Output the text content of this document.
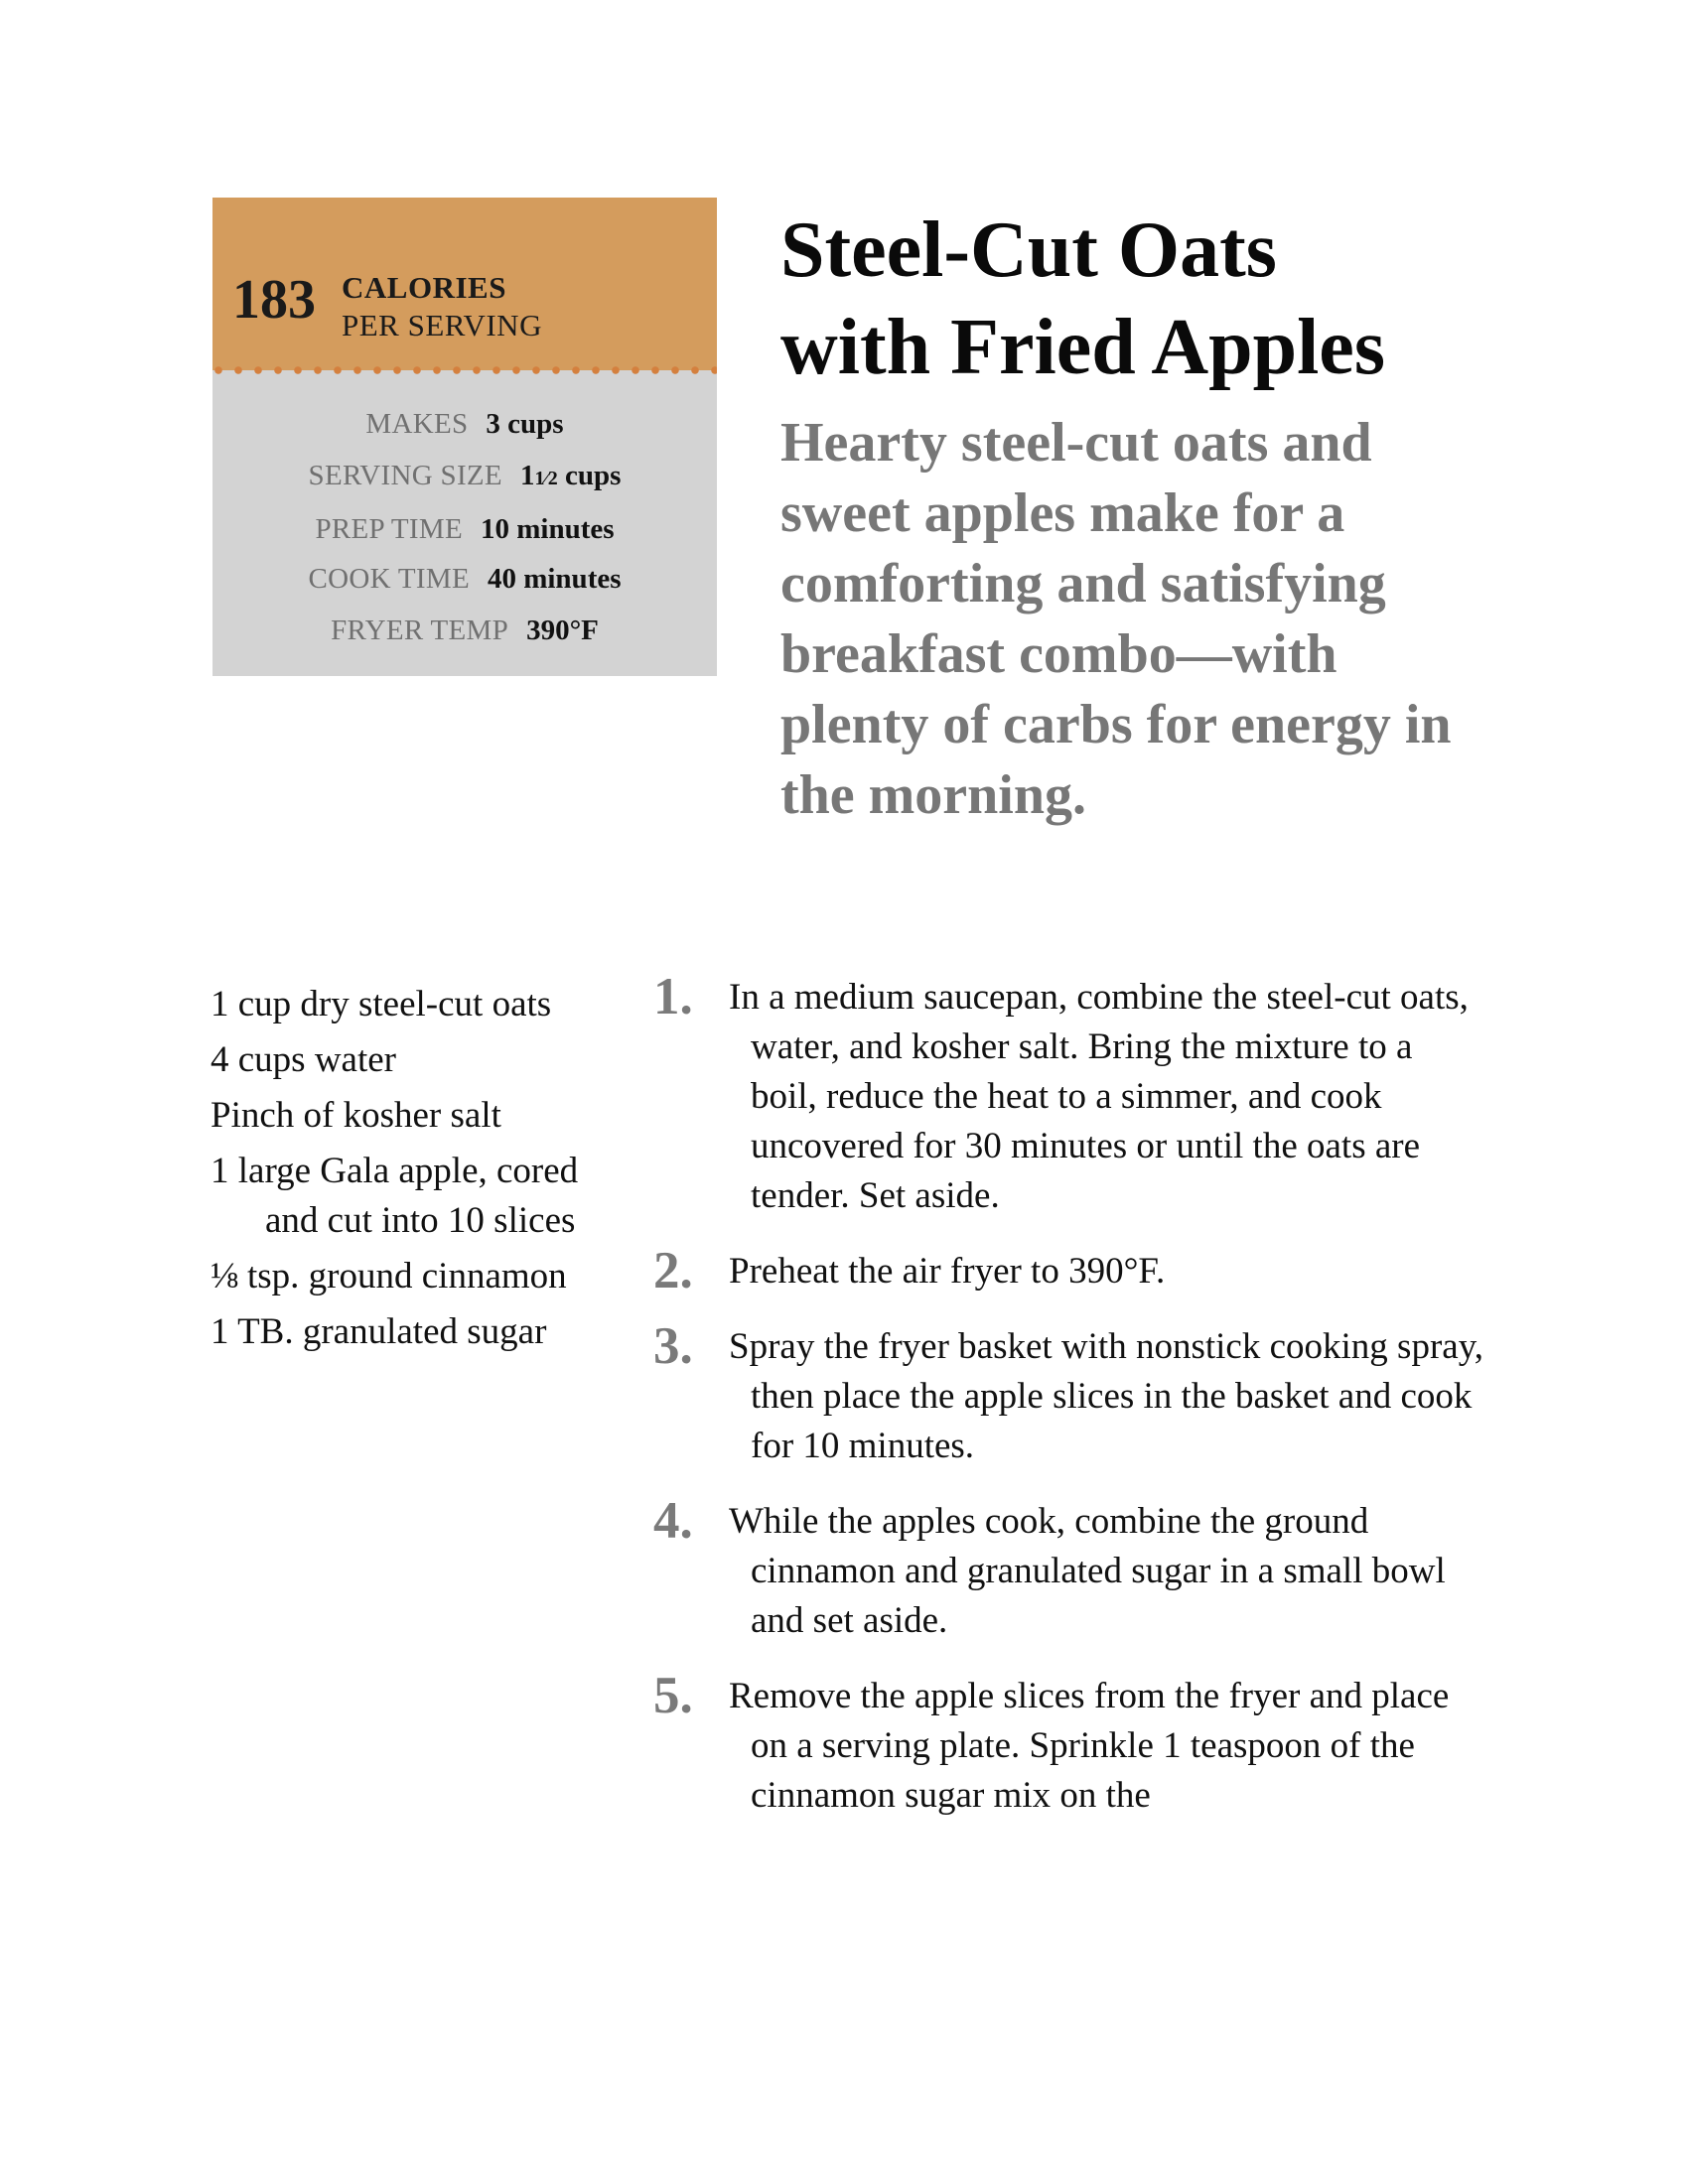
183 CALORIES
PER SERVING
MAKES 3 cups
SERVING SIZE 11⁄2 cups
PREP TIME 10 minutes
COOK TIME 40 minutes
FRYER TEMP 390°F
Steel-Cut Oats
with Fried Apples

Hearty steel-cut oats and sweet apples make for a comforting and satisfying breakfast combo—with plenty of carbs for energy in the morning.

1 cup dry steel-cut oats
4 cups water
Pinch of kosher salt
1 large Gala apple, cored and cut into 10 slices
⅛ tsp. ground cinnamon
1 TB. granulated sugar
1. In a medium saucepan, combine the steel-cut oats, water, and kosher salt. Bring the mixture to a boil, reduce the heat to a simmer, and cook uncovered for 30 minutes or until the oats are tender. Set aside.
2. Preheat the air fryer to 390°F.
3. Spray the fryer basket with nonstick cooking spray, then place the apple slices in the basket and cook for 10 minutes.
4. While the apples cook, combine the ground cinnamon and granulated sugar in a small bowl and set aside.
5. Remove the apple slices from the fryer and place on a serving plate. Sprinkle 1 teaspoon of the cinnamon sugar mix on the
